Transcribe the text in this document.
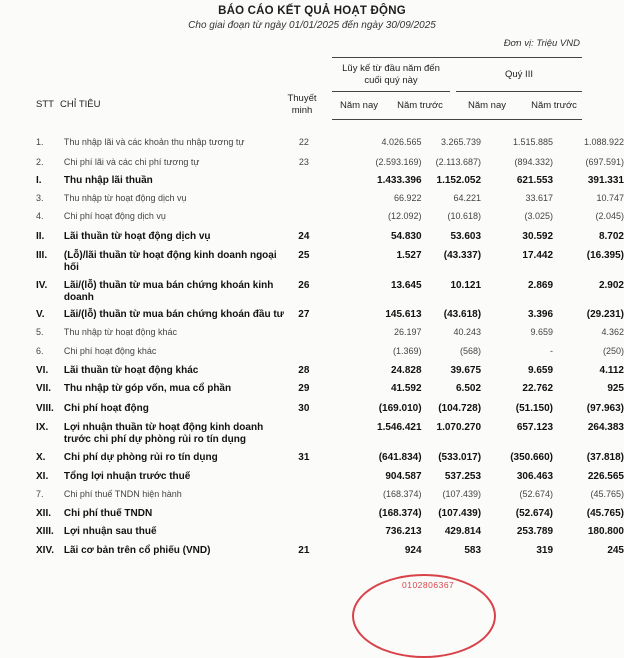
BÁO CÁO KẾT QUẢ HOẠT ĐỘNG
Cho giai đoạn từ ngày 01/01/2025 đến ngày 30/09/2025
Đơn vị: Triệu VND
Lũy kế từ đầu năm đến cuối quý này
Quý III
STT CHỈ TIÊU
Thuyết minh	Năm nay	Năm trước	Năm nay	Năm trước
1.	Thu nhập lãi và các khoản thu nhập tương tự	22	4.026.565	3.265.739	1.515.885	1.088.922
2.	Chi phí lãi và các chi phí tương tự	23	(2.593.169)	(2.113.687)	(894.332)	(697.591)
I.	Thu nhập lãi thuần		1.433.396	1.152.052	621.553	391.331
3.	Thu nhập từ hoạt động dịch vụ		66.922	64.221	33.617	10.747
4.	Chi phí hoạt động dịch vụ		(12.092)	(10.618)	(3.025)	(2.045)
II.	Lãi thuần từ hoạt động dịch vụ	24	54.830	53.603	30.592	8.702
III.	(Lỗ)/lãi thuần từ hoạt động kinh doanh ngoại hối	25	1.527	(43.337)	17.442	(16.395)
IV.	Lãi/(lỗ) thuần từ mua bán chứng khoán kinh doanh	26	13.645	10.121	2.869	2.902
V.	Lãi/(lỗ) thuần từ mua bán chứng khoán đầu tư	27	145.613	(43.618)	3.396	(29.231)
5.	Thu nhập từ hoạt động khác		26.197	40.243	9.659	4.362
6.	Chi phí hoạt động khác		(1.369)	(568)	-	(250)
VI.	Lãi thuần từ hoạt động khác	28	24.828	39.675	9.659	4.112
VII.	Thu nhập từ góp vốn, mua cổ phần	29	41.592	6.502	22.762	925
VIII.	Chi phí hoạt động	30	(169.010)	(104.728)	(51.150)	(97.963)
IX.	Lợi nhuận thuần từ hoạt động kinh doanh trước chi phí dự phòng rủi ro tín dụng		1.546.421	1.070.270	657.123	264.383
X.	Chi phí dự phòng rủi ro tín dụng	31	(641.834)	(533.017)	(350.660)	(37.818)
XI.	Tổng lợi nhuận trước thuế		904.587	537.253	306.463	226.565
7.	Chi phí thuế TNDN hiện hành		(168.374)	(107.439)	(52.674)	(45.765)
XII.	Chi phí thuế TNDN		(168.374)	(107.439)	(52.674)	(45.765)
XIII.	Lợi nhuận sau thuế		736.213	429.814	253.789	180.800
XIV.	Lãi cơ bản trên cổ phiếu (VND)	21	924	583	319	245
0102806367
